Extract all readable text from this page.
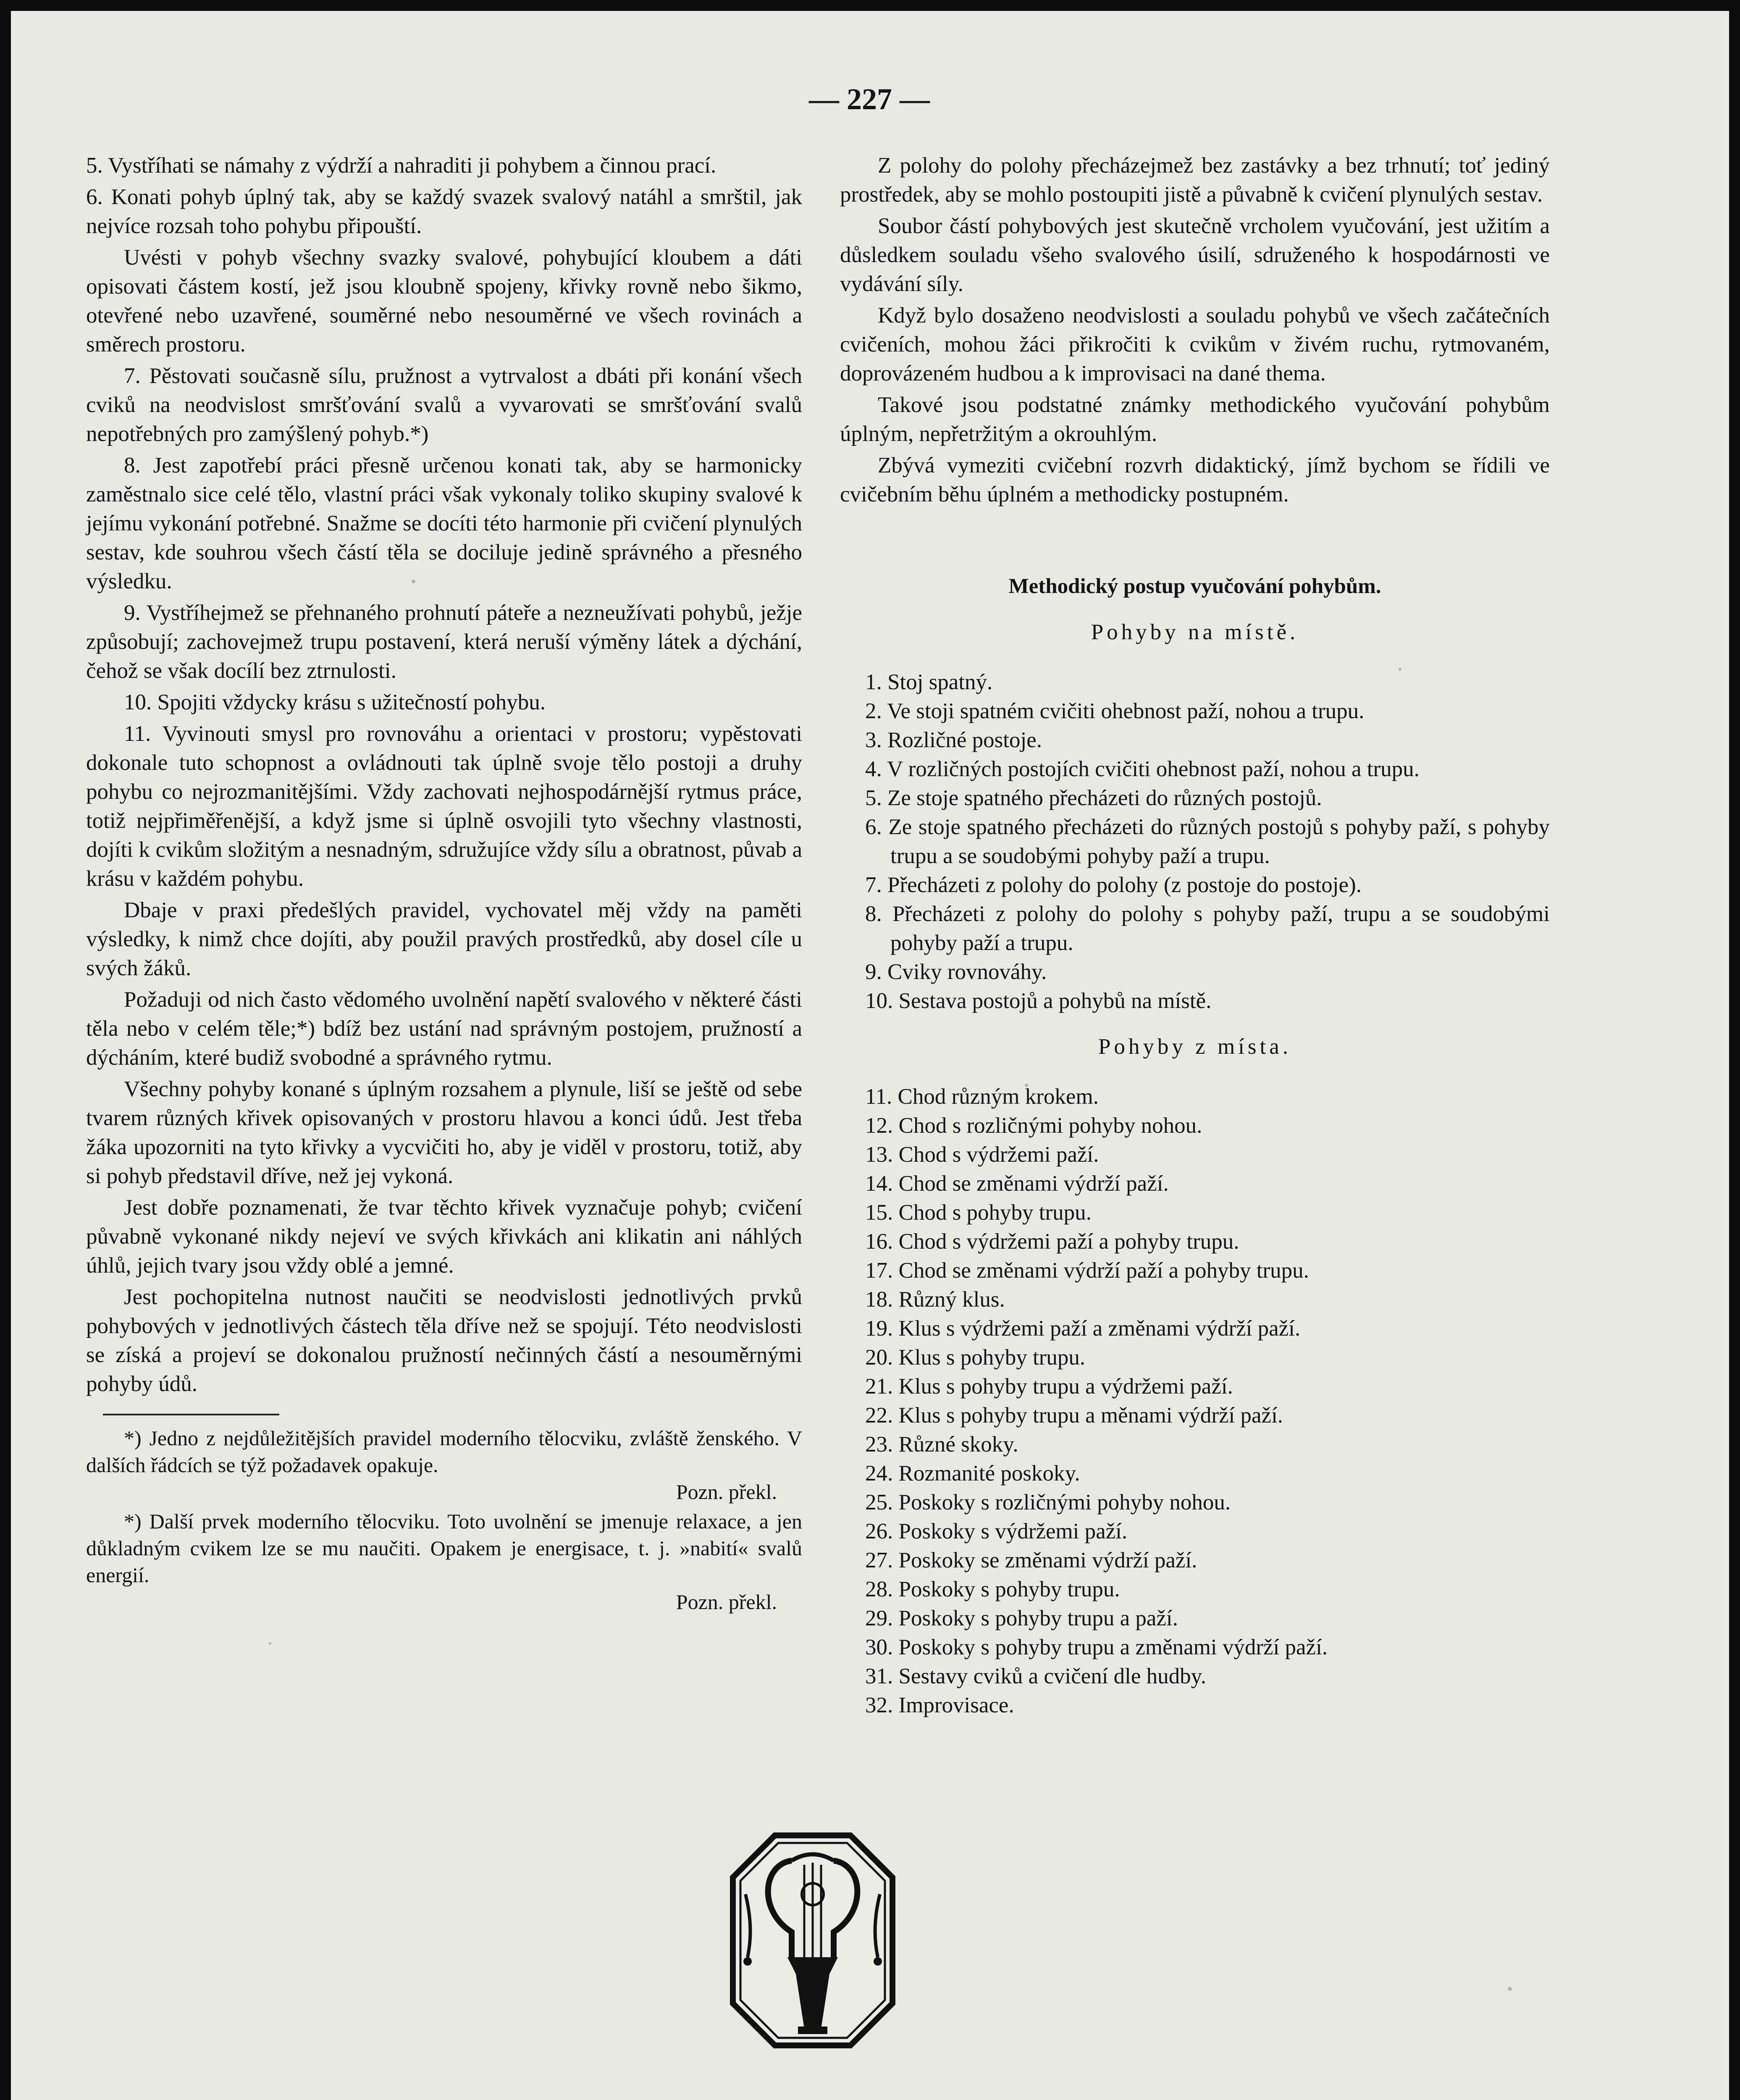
— 227 —

5. Vystříhati se námahy z výdrží a nahraditi ji pohybem a činnou prací.

6. Konati pohyb úplný tak, aby se každý svazek svalový natáhl a smrštil, jak nejvíce rozsah toho pohybu připouští.

Uvésti v pohyb všechny svazky svalové, pohybující kloubem a dáti opisovati částem kostí, jež jsou kloubně spojeny, křivky rovně nebo šikmo, otevřené nebo uzavřené, souměrné nebo nesouměrné ve všech rovinách a směrech prostoru.

7. Pěstovati současně sílu, pružnost a vytrvalost a dbáti při konání všech cviků na neodvislost smršťování svalů a vyvarovati se smršťování svalů nepotřebných pro zamýšlený pohyb.*)

8. Jest zapotřebí práci přesně určenou konati tak, aby se harmonicky zaměstnalo sice celé tělo, vlastní práci však vykonaly toliko skupiny svalové k jejímu vykonání potřebné. Snažme se docíti této harmonie při cvičení plynulých sestav, kde souhrou všech částí těla se dociluje jedině správného a přesného výsledku.

9. Vystříhejmež se přehnaného prohnutí páteře a nezneužívati pohybů, ježje způsobují; zachovejmež trupu postavení, která neruší výměny látek a dýchání, čehož se však docílí bez ztrnulosti.

10. Spojiti vždycky krásu s užitečností pohybu.

11. Vyvinouti smysl pro rovnováhu a orientaci v prostoru; vypěstovati dokonale tuto schopnost a ovládnouti tak úplně svoje tělo postoji a druhy pohybu co nejrozmanitějšími. Vždy zachovati nejhospodárnější rytmus práce, totiž nejpřiměřenější, a když jsme si úplně osvojili tyto všechny vlastnosti, dojíti k cvikům složitým a nesnadným, sdružujíce vždy sílu a obratnost, půvab a krásu v každém pohybu.

Dbaje v praxi předešlých pravidel, vychovatel měj vždy na paměti výsledky, k nimž chce dojíti, aby použil pravých prostředků, aby dosel cíle u svých žáků.

Požaduji od nich často vědomého uvolnění napětí svalového v některé části těla nebo v celém těle;*) bdíž bez ustání nad správným postojem, pružností a dýcháním, které budiž svobodné a správného rytmu.

Všechny pohyby konané s úplným rozsahem a plynule, liší se ještě od sebe tvarem různých křivek opisovaných v prostoru hlavou a konci údů. Jest třeba žáka upozorniti na tyto křivky a vycvičiti ho, aby je viděl v prostoru, totiž, aby si pohyb představil dříve, než jej vykoná.

Jest dobře poznamenati, že tvar těchto křivek vyznačuje pohyb; cvičení půvabně vykonané nikdy nejeví ve svých křivkách ani klikatin ani náhlých úhlů, jejich tvary jsou vždy oblé a jemné.

Jest pochopitelna nutnost naučiti se neodvislosti jednotlivých prvků pohybových v jednotlivých částech těla dříve než se spojují. Této neodvislosti se získá a projeví se dokonalou pružností nečinných částí a nesouměrnými pohyby údů.

*) Jedno z nejdůležitějších pravidel moderního tělocviku, zvláště ženského. V dalších řádcích se týž požadavek opakuje.
Pozn. překl.

*) Další prvek moderního tělocviku. Toto uvolnění se jmenuje relaxace, a jen důkladným cvikem lze se mu naučiti. Opakem je energisace, t. j. »nabití« svalů energií.
Pozn. překl.

Z polohy do polohy přecházejmež bez zastávky a bez trhnutí; toť jediný prostředek, aby se mohlo postoupiti jistě a půvabně k cvičení plynulých sestav.

Soubor částí pohybových jest skutečně vrcholem vyučování, jest užitím a důsledkem souladu všeho svalového úsilí, sdruženého k hospodárnosti ve vydávání síly.

Když bylo dosaženo neodvislosti a souladu pohybů ve všech začátečních cvičeních, mohou žáci přikročiti k cvikům v živém ruchu, rytmovaném, doprovázeném hudbou a k improvisaci na dané thema.

Takové jsou podstatné známky methodického vyučování pohybům úplným, nepřetržitým a okrouhlým.

Zbývá vymeziti cvičební rozvrh didaktický, jímž bychom se řídili ve cvičebním běhu úplném a methodicky postupném.

Methodický postup vyučování pohybům.
Pohyby na místě.
1. Stoj spatný.
2. Ve stoji spatném cvičiti ohebnost paží, nohou a trupu.
3. Rozličné postoje.
4. V rozličných postojích cvičiti ohebnost paží, nohou a trupu.
5. Ze stoje spatného přecházeti do různých postojů.
6. Ze stoje spatného přecházeti do různých postojů s pohyby paží, s pohyby trupu a se soudobými pohyby paží a trupu.
7. Přecházeti z polohy do polohy (z postoje do postoje).
8. Přecházeti z polohy do polohy s pohyby paží, trupu a se soudobými pohyby paží a trupu.
9. Cviky rovnováhy.
10. Sestava postojů a pohybů na místě.
Pohyby z místa.
11. Chod různým krokem.
12. Chod s rozličnými pohyby nohou.
13. Chod s výdržemi paží.
14. Chod se změnami výdrží paží.
15. Chod s pohyby trupu.
16. Chod s výdržemi paží a pohyby trupu.
17. Chod se změnami výdrží paží a pohyby trupu.
18. Různý klus.
19. Klus s výdržemi paží a změnami výdrží paží.
20. Klus s pohyby trupu.
21. Klus s pohyby trupu a výdržemi paží.
22. Klus s pohyby trupu a měnami výdrží paží.
23. Různé skoky.
24. Rozmanité poskoky.
25. Poskoky s rozličnými pohyby nohou.
26. Poskoky s výdržemi paží.
27. Poskoky se změnami výdrží paží.
28. Poskoky s pohyby trupu.
29. Poskoky s pohyby trupu a paží.
30. Poskoky s pohyby trupu a změnami výdrží paží.
31. Sestavy cviků a cvičení dle hudby.
32. Improvisace.
